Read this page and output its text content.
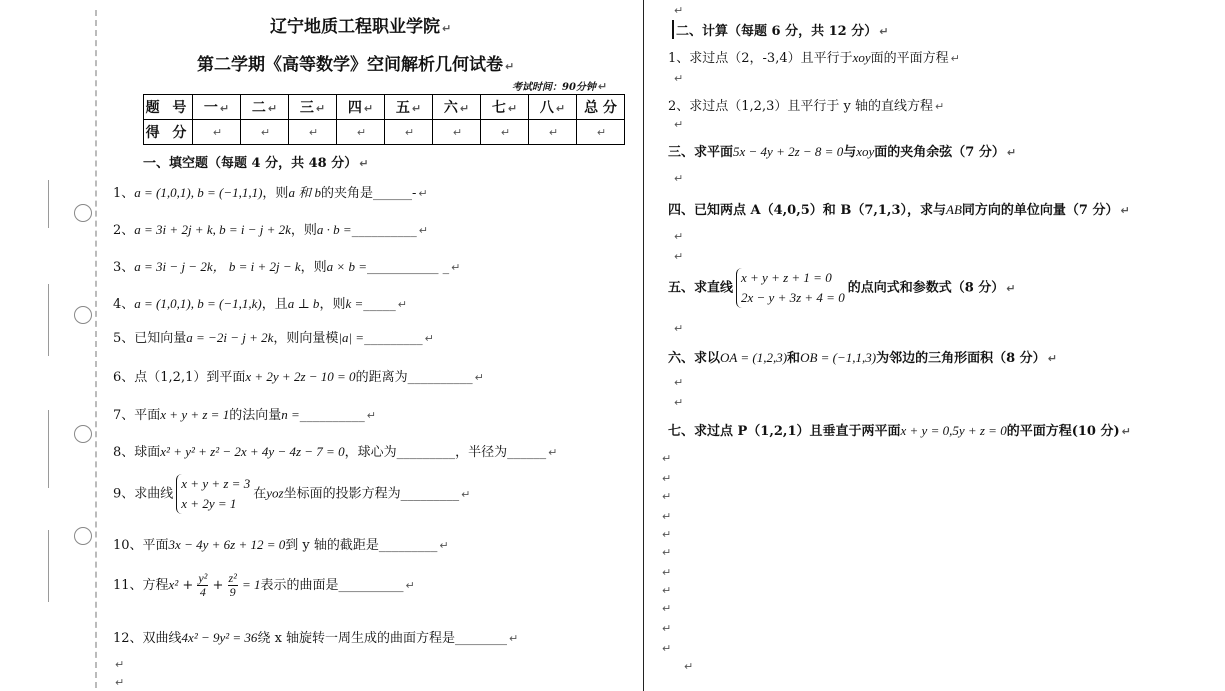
辽宁地质工程职业学院 ↵
第二学期《高等数学》空间解析几何试卷 ↵
考试时间：90分钟 ↵
题 号	一 ↵	二 ↵	三 ↵	四 ↵	五 ↵	六 ↵	七 ↵	八 ↵	总 分
得 分	↵	↵	↵	↵	↵	↵	↵	↵	↵
一、填空题（每题 4 分，共 48 分） ↵
1、a = (1,0,1), b = (−1,1,1)，则a 和 b的夹角是______- ↵
2、a = 3i + 2j + k, b = i − j + 2k，则a · b =__________ ↵
3、a = 3i − j − 2k， b = i + 2j − k，则a × b =___________ _ ↵
4、a = (1,0,1), b = (−1,1,k)，且a ⊥ b，则k =_____ ↵
5、已知向量a = −2i − j + 2k，则向量模|a| =_________ ↵
6、点（1,2,1）到平面x + 2y + 2z − 10 = 0的距离为__________ ↵
7、平面x + y + z = 1的法向量n =__________ ↵
8、球面x² + y² + z² − 2x + 4y − 4z − 7 = 0，球心为_________，半径为______ ↵
9、求曲线
x + y + z = 3
x + 2y = 1
在yoz坐标面的投影方程为_________ ↵
10、平面3x − 4y + 6z + 12 = 0到 y 轴的截距是_________ ↵
11、方程$x^2 + \frac{\text{y²}}{4} + \frac{\text{z²}}{9} = 1$表示的曲面是__________ ↵
12、双曲线4x² − 9y² = 36绕 x 轴旋转一周生成的曲面方程是________ ↵
↵
↵
↵
二、计算（每题 6 分，共 12 分） ↵
1、求过点（2，-3,4）且平行于xoy面的平面方程 ↵
↵
2、求过点（1,2,3）且平行于 y 轴的直线方程 ↵
↵
三、求平面5x − 4y + 2z − 8 = 0与xoy面的夹角余弦（7 分） ↵
↵
四、已知两点 A（4,0,5）和 B（7,1,3），求与AB同方向的单位向量（7 分） ↵
↵
↵
五、求直线
x + y + z + 1 = 0
2x − y + 3z + 4 = 0
的点向式和参数式（8 分） ↵
↵
六、求以OA = (1,2,3)和OB = (−1,1,3)为邻边的三角形面积（8 分） ↵
↵
↵
七、求过点 P（1,2,1）且垂直于两平面x + y = 0,5y + z = 0的平面方程(10 分) ↵
↵
↵
↵
↵
↵
↵
↵
↵
↵
↵
↵
↵
